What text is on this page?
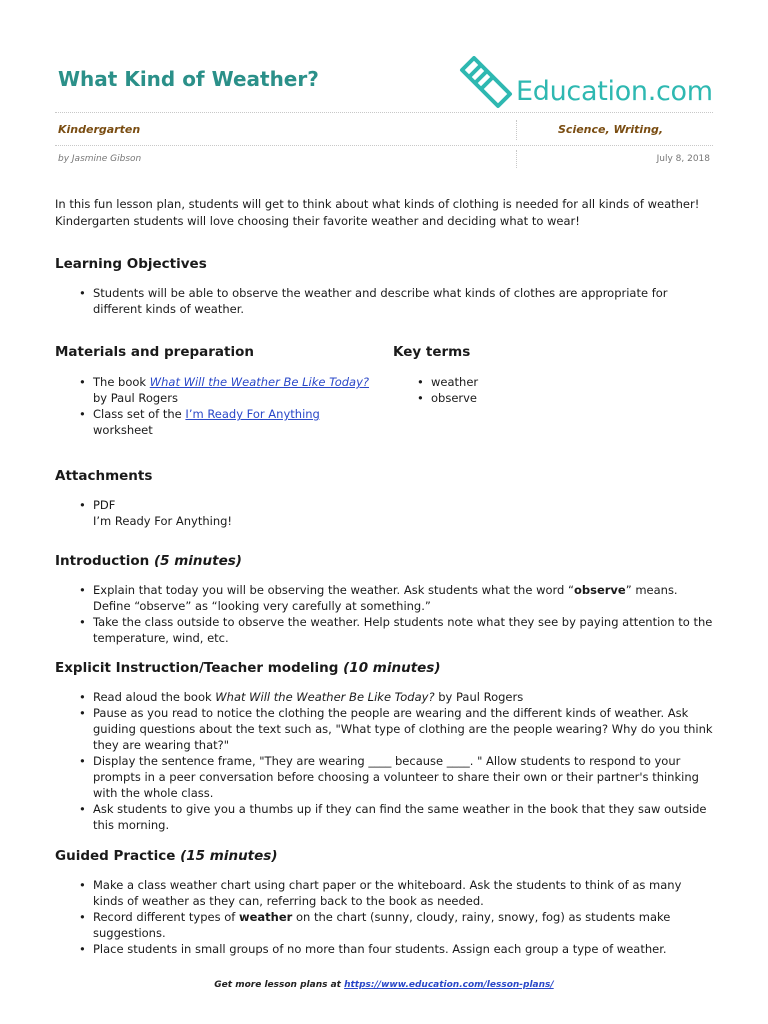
What Kind of Weather?	Education.com
Kindergarten	Science, Writing,
by Jasmine Gibson	July 8, 2018
In this fun lesson plan, students will get to think about what kinds of clothing is needed for all kinds of weather!
Kindergarten students will love choosing their favorite weather and deciding what to wear!
Learning Objectives
• Students will be able to observe the weather and describe what kinds of clothes are appropriate for different kinds of weather.
Materials and preparation
• The book What Will the Weather Be Like Today?
by Paul Rogers
• Class set of the I’m Ready For Anything
worksheet
Key terms
• weather
• observe
Attachments
• PDF
I’m Ready For Anything!
Introduction (5 minutes)
• Explain that today you will be observing the weather. Ask students what the word “observe” means. Define “observe” as “looking very carefully at something.”
• Take the class outside to observe the weather. Help students note what they see by paying attention to the temperature, wind, etc.
Explicit Instruction/Teacher modeling (10 minutes)
• Read aloud the book What Will the Weather Be Like Today? by Paul Rogers
• Pause as you read to notice the clothing the people are wearing and the different kinds of weather. Ask guiding questions about the text such as, "What type of clothing are the people wearing? Why do you think they are wearing that?"
• Display the sentence frame, "They are wearing ____ because ____. " Allow students to respond to your prompts in a peer conversation before choosing a volunteer to share their own or their partner's thinking with the whole class.
• Ask students to give you a thumbs up if they can find the same weather in the book that they saw outside this morning.
Guided Practice (15 minutes)
• Make a class weather chart using chart paper or the whiteboard. Ask the students to think of as many kinds of weather as they can, referring back to the book as needed.
• Record different types of weather on the chart (sunny, cloudy, rainy, snowy, fog) as students make suggestions.
• Place students in small groups of no more than four students. Assign each group a type of weather.
Get more lesson plans at https://www.education.com/lesson-plans/
